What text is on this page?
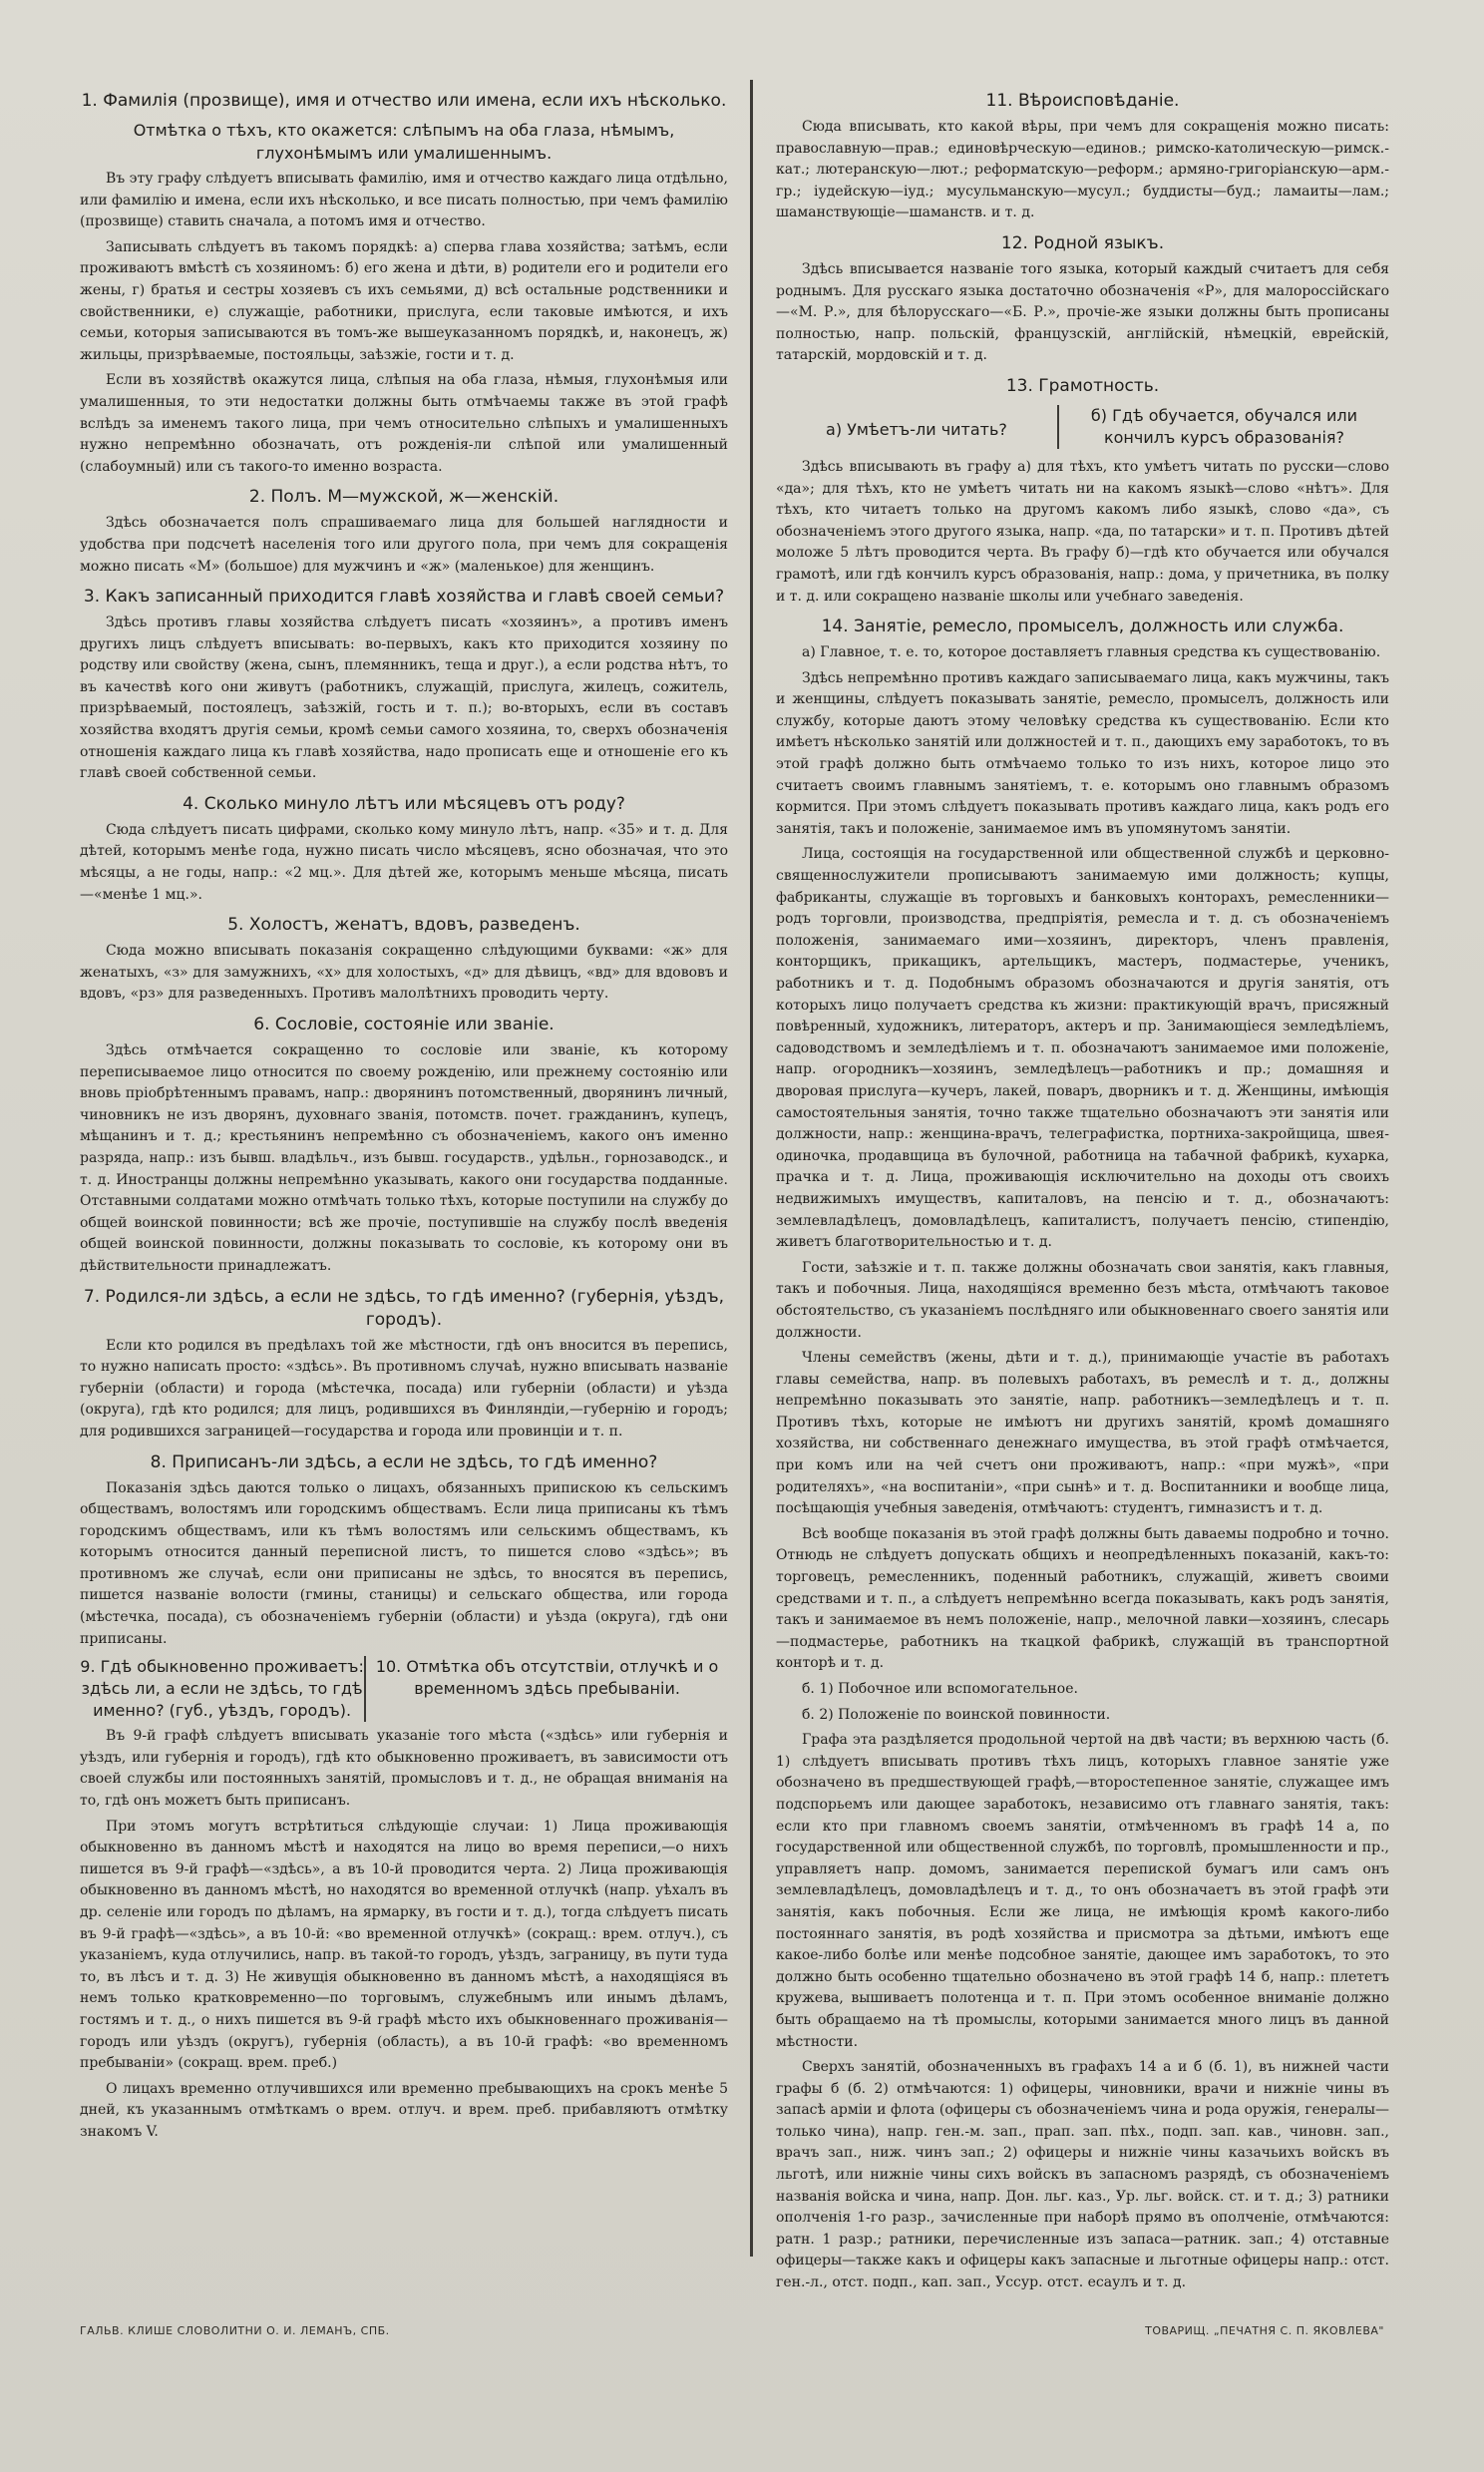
1. Фамилія (прозвище), имя и отчество или имена, если ихъ нѣсколько.
Отмѣтка о тѣхъ, кто окажется: слѣпымъ на оба глаза, нѣмымъ, глухонѣмымъ или умалишеннымъ.

Въ эту графу слѣдуетъ вписывать фамилію, имя и отчество каждаго лица отдѣльно, или фамилію и имена, если ихъ нѣсколько, и все писать полностью, при чемъ фамилію (прозвище) ставить сначала, а потомъ имя и отчество.

Записывать слѣдуетъ въ такомъ порядкѣ: а) сперва глава хозяйства; затѣмъ, если проживаютъ вмѣстѣ съ хозяиномъ: б) его жена и дѣти, в) родители его и родители его жены, г) братья и сестры хозяевъ съ ихъ семьями, д) всѣ остальные родственники и свойственники, е) служащіе, работники, прислуга, если таковые имѣются, и ихъ семьи, которыя записываются въ томъ-же вышеуказанномъ порядкѣ, и, наконецъ, ж) жильцы, призрѣваемые, постояльцы, заѣзжіе, гости и т. д.

Если въ хозяйствѣ окажутся лица, слѣпыя на оба глаза, нѣмыя, глухонѣмыя или умалишенныя, то эти недостатки должны быть отмѣчаемы также въ этой графѣ вслѣдъ за именемъ такого лица, при чемъ относительно слѣпыхъ и умалишенныхъ нужно непремѣнно обозначать, отъ рожденія-ли слѣпой или умалишенный (слабоумный) или съ такого-то именно возраста.

2. Полъ. М—мужской, ж—женскій.

Здѣсь обозначается полъ спрашиваемаго лица для большей наглядности и удобства при подсчетѣ населенія того или другого пола, при чемъ для сокращенія можно писать «М» (большое) для мужчинъ и «ж» (маленькое) для женщинъ.

3. Какъ записанный приходится главѣ хозяйства и главѣ своей семьи?

Здѣсь противъ главы хозяйства слѣдуетъ писать «хозяинъ», а противъ именъ другихъ лицъ слѣдуетъ вписывать: во-первыхъ, какъ кто приходится хозяину по родству или свойству (жена, сынъ, племянникъ, теща и друг.), а если родства нѣтъ, то въ качествѣ кого они живутъ (работникъ, служащій, прислуга, жилецъ, сожитель, призрѣваемый, постоялецъ, заѣзжій, гость и т. п.); во-вторыхъ, если въ составъ хозяйства входятъ другія семьи, кромѣ семьи самого хозяина, то, сверхъ обозначенія отношенія каждаго лица къ главѣ хозяйства, надо прописать еще и отношеніе его къ главѣ своей собственной семьи.

4. Сколько минуло лѣтъ или мѣсяцевъ отъ роду?

Сюда слѣдуетъ писать цифрами, сколько кому минуло лѣтъ, напр. «35» и т. д. Для дѣтей, которымъ менѣе года, нужно писать число мѣсяцевъ, ясно обозначая, что это мѣсяцы, а не годы, напр.: «2 мц.». Для дѣтей же, которымъ меньше мѣсяца, писать—«менѣе 1 мц.».

5. Холостъ, женатъ, вдовъ, разведенъ.

Сюда можно вписывать показанія сокращенно слѣдующими буквами: «ж» для женатыхъ, «з» для замужнихъ, «х» для холостыхъ, «д» для дѣвицъ, «вд» для вдововъ и вдовъ, «рз» для разведенныхъ. Противъ малолѣтнихъ проводить черту.

6. Сословіе, состояніе или званіе.

Здѣсь отмѣчается сокращенно то сословіе или званіе, къ которому переписываемое лицо относится по своему рожденію, или прежнему состоянію или вновь пріобрѣтеннымъ правамъ, напр.: дворянинъ потомственный, дворянинъ личный, чиновникъ не изъ дворянъ, духовнаго званія, потомств. почет. гражданинъ, купецъ, мѣщанинъ и т. д.; крестьянинъ непремѣнно съ обозначеніемъ, какого онъ именно разряда, напр.: изъ бывш. владѣльч., изъ бывш. государств., удѣльн., горнозаводск., и т. д. Иностранцы должны непремѣнно указывать, какого они государства подданные. Отставными солдатами можно отмѣчать только тѣхъ, которые поступили на службу до общей воинской повинности; всѣ же прочіе, поступившіе на службу послѣ введенія общей воинской повинности, должны показывать то сословіе, къ которому они въ дѣйствительности принадлежатъ.

7. Родился-ли здѣсь, а если не здѣсь, то гдѣ именно? (губернія, уѣздъ, городъ).

Если кто родился въ предѣлахъ той же мѣстности, гдѣ онъ вносится въ перепись, то нужно написать просто: «здѣсь». Въ противномъ случаѣ, нужно вписывать названіе губерніи (области) и города (мѣстечка, посада) или губерніи (области) и уѣзда (округа), гдѣ кто родился; для лицъ, родившихся въ Финляндіи,—губернію и городъ; для родившихся заграницей—государства и города или провинціи и т. п.

8. Приписанъ-ли здѣсь, а если не здѣсь, то гдѣ именно?

Показанія здѣсь даются только о лицахъ, обязанныхъ припискою къ сельскимъ обществамъ, волостямъ или городскимъ обществамъ. Если лица приписаны къ тѣмъ городскимъ обществамъ, или къ тѣмъ волостямъ или сельскимъ обществамъ, къ которымъ относится данный переписной листъ, то пишется слово «здѣсь»; въ противномъ же случаѣ, если они приписаны не здѣсь, то вносятся въ перепись, пишется названіе волости (гмины, станицы) и сельскаго общества, или города (мѣстечка, посада), съ обозначеніемъ губерніи (области) и уѣзда (округа), гдѣ они приписаны.

9. Гдѣ обыкновенно проживаетъ: здѣсь ли, а если не здѣсь, то гдѣ именно? (губ., уѣздъ, городъ).
10. Отмѣтка объ отсутствіи, отлучкѣ и о временномъ здѣсь пребываніи.

Въ 9-й графѣ слѣдуетъ вписывать указаніе того мѣста («здѣсь» или губернія и уѣздъ, или губернія и городъ), гдѣ кто обыкновенно проживаетъ, въ зависимости отъ своей службы или постоянныхъ занятій, промысловъ и т. д., не обращая вниманія на то, гдѣ онъ можетъ быть приписанъ.

При этомъ могутъ встрѣтиться слѣдующіе случаи: 1) Лица проживающія обыкновенно въ данномъ мѣстѣ и находятся на лицо во время переписи,—о нихъ пишется въ 9-й графѣ—«здѣсь», а въ 10-й проводится черта. 2) Лица проживающія обыкновенно въ данномъ мѣстѣ, но находятся во временной отлучкѣ (напр. уѣхалъ въ др. селеніе или городъ по дѣламъ, на ярмарку, въ гости и т. д.), тогда слѣдуетъ писать въ 9-й графѣ—«здѣсь», а въ 10-й: «во временной отлучкѣ» (сокращ.: врем. отлуч.), съ указаніемъ, куда отлучились, напр. въ такой-то городъ, уѣздъ, заграницу, въ пути тудa то, въ лѣсъ и т. д. 3) Не живущія обыкновенно въ данномъ мѣстѣ, а находящіяся въ немъ только кратковременно—по торговымъ, служебнымъ или инымъ дѣламъ, гостямъ и т. д., о нихъ пишется въ 9-й графѣ мѣсто ихъ обыкновеннаго проживанія—городъ или уѣздъ (округъ), губернія (область), а въ 10-й графѣ: «во временномъ пребываніи» (сокращ. врем. преб.)

О лицахъ временно отлучившихся или временно пребывающихъ на срокъ менѣе 5 дней, къ указаннымъ отмѣткамъ о врем. отлуч. и врем. преб. прибавляютъ отмѣтку знакомъ V.

11. Вѣроисповѣданіе.

Сюда вписывать, кто какой вѣры, при чемъ для сокращенія можно писать: православную—прав.; единовѣрческую—единов.; римско-католическую—римск.-кат.; лютеранскую—лют.; реформатскую—реформ.; армяно-григоріанскую—арм.-гр.; іудейскую—іуд.; мусульманскую—мусул.; буддисты—буд.; ламаиты—лам.; шаманствующіе—шаманств. и т. д.

12. Родной языкъ.

Здѣсь вписывается названіе того языка, который каждый считаетъ для себя роднымъ. Для русскаго языка достаточно обозначенія «Р», для малороссійскаго—«М. Р.», для бѣлорусскаго—«Б. Р.», прочіе-же языки должны быть прописаны полностью, напр. польскій, французскій, англійскій, нѣмецкій, еврейскій, татарскій, мордовскій и т. д.

13. Грамотность.
а) Умѣетъ-ли читать?
б) Гдѣ обучается, обучался или кончилъ курсъ образованія?

Здѣсь вписывають въ графу а) для тѣхъ, кто умѣетъ читать по русски—слово «да»; для тѣхъ, кто не умѣетъ читать ни на какомъ языкѣ—слово «нѣтъ». Для тѣхъ, кто читаетъ только на другомъ какомъ либо языкѣ, слово «да», съ обозначеніемъ этого другого языка, напр. «да, по татарски» и т. п. Противъ дѣтей моложе 5 лѣтъ проводится черта. Въ графу б)—гдѣ кто обучается или обучался грамотѣ, или гдѣ кончилъ курсъ образованія, напр.: дома, у причетника, въ полку и т. д. или сокращено названіе школы или учебнаго заведенія.

14. Занятіе, ремесло, промыселъ, должность или служба.

а) Главное, т. е. то, которое доставляетъ главныя средства къ существованію.

Здѣсь непремѣнно противъ каждаго записываемаго лица, какъ мужчины, такъ и женщины, слѣдуетъ показывать занятіе, ремесло, промыселъ, должность или службу, которые даютъ этому человѣку средства къ существованію. Если кто имѣетъ нѣсколько занятій или должностей и т. п., дающихъ ему заработокъ, то въ этой графѣ должно быть отмѣчаемо только то изъ нихъ, которое лицо это считаетъ своимъ главнымъ занятіемъ, т. е. которымъ оно главнымъ образомъ кормится. При этомъ слѣдуетъ показывать противъ каждаго лица, какъ родъ его занятія, такъ и положеніе, занимаемое имъ въ упомянутомъ занятіи.

Лица, состоящія на государственной или общественной службѣ и церковно-священнослужители прописываютъ занимаемую ими должность; купцы, фабриканты, служащіе въ торговыхъ и банковыхъ конторахъ, ремесленники—родъ торговли, производства, предпріятія, ремесла и т. д. съ обозначеніемъ положенія, занимаемаго ими—хозяинъ, директоръ, членъ правленія, конторщикъ, прикащикъ, артельщикъ, мастеръ, подмастерье, ученикъ, работникъ и т. д. Подобнымъ образомъ обозначаются и другія занятія, отъ которыхъ лицо получаетъ средства къ жизни: практикующій врачъ, присяжный повѣренный, художникъ, литераторъ, актеръ и пр. Занимающіеся земледѣліемъ, садоводствомъ и земледѣліемъ и т. п. обозначаютъ занимаемое ими положеніе, напр. огородникъ—хозяинъ, земледѣлецъ—работникъ и пр.; домашняя и дворовая прислуга—кучеръ, лакей, поваръ, дворникъ и т. д. Женщины, имѣющія самостоятельныя занятія, точно также тщательно обозначаютъ эти занятія или должности, напр.: женщина-врачъ, телеграфистка, портниха-закройщица, швея-одиночка, продавщица въ булочной, работница на табачной фабрикѣ, кухарка, прачка и т. д. Лица, проживающія исключительно на доходы отъ своихъ недвижимыхъ имуществъ, капиталовъ, на пенсію и т. д., обозначаютъ: землевладѣлецъ, домовладѣлецъ, капиталистъ, получаетъ пенсію, стипендію, живетъ благотворительностью и т. д.

Гости, заѣзжіе и т. п. также должны обозначать свои занятія, какъ главныя, такъ и побочныя. Лица, находящіяся временно безъ мѣста, отмѣчаютъ таковое обстоятельство, съ указаніемъ послѣдняго или обыкновеннаго своего занятія или должности.

Члены семействъ (жены, дѣти и т. д.), принимающіе участіе въ работахъ главы семейства, напр. въ полевыхъ работахъ, въ ремеслѣ и т. д., должны непремѣнно показывать это занятіе, напр. работникъ—земледѣлецъ и т. п. Противъ тѣхъ, которые не имѣютъ ни другихъ занятій, кромѣ домашняго хозяйства, ни собственнаго денежнаго имущества, въ этой графѣ отмѣчается, при комъ или на чей счетъ они проживаютъ, напр.: «при мужѣ», «при родителяхъ», «на воспитаніи», «при сынѣ» и т. д. Воспитанники и вообще лица, посѣщающія учебныя заведенія, отмѣчаютъ: студентъ, гимназистъ и т. д.

Всѣ вообще показанія въ этой графѣ должны быть даваемы подробно и точно. Отнюдь не слѣдуетъ допускать общихъ и неопредѣленныхъ показаній, какъ-то: торговецъ, ремесленникъ, поденный работникъ, служащій, живетъ своими средствами и т. п., а слѣдуетъ непремѣнно всегда показывать, какъ родъ занятія, такъ и занимаемое въ немъ положеніе, напр., мелочной лавки—хозяинъ, слесарь—подмастерье, работникъ на ткацкой фабрикѣ, служащій въ транспортной конторѣ и т. д.

б. 1) Побочное или вспомогательное.

б. 2) Положеніе по воинской повинности.

Графа эта раздѣляется продольной чертой на двѣ части; въ верхнюю часть (б. 1) слѣдуетъ вписывать противъ тѣхъ лицъ, которыхъ главное занятіе уже обозначено въ предшествующей графѣ,—второстепенное занятіе, служащее имъ подспорьемъ или дающее заработокъ, независимо отъ главнаго занятія, такъ: если кто при главномъ своемъ занятіи, отмѣченномъ въ графѣ 14 а, по государственной или общественной службѣ, по торговлѣ, промышленности и пр., управляетъ напр. домомъ, занимается перепиской бумагъ или самъ онъ землевладѣлецъ, домовладѣлецъ и т. д., то онъ обозначаетъ въ этой графѣ эти занятія, какъ побочныя. Если же лица, не имѣющія кромѣ какого-либо постояннаго занятія, въ родѣ хозяйства и присмотра за дѣтьми, имѣютъ еще какое-либо болѣе или менѣе подсобное занятіе, дающее имъ заработокъ, то это должно быть особенно тщательно обозначено въ этой графѣ 14 б, напр.: плететъ кружева, вышиваетъ полотенца и т. п. При этомъ особенное вниманіе должно быть обращаемо на тѣ промыслы, которыми занимается много лицъ въ данной мѣстности.

Сверхъ занятій, обозначенныхъ въ графахъ 14 а и б (б. 1), въ нижней части графы б (б. 2) отмѣчаются: 1) офицеры, чиновники, врачи и нижніе чины въ запасѣ арміи и флота (офицеры съ обозначеніемъ чина и рода оружія, генералы—только чина), напр. ген.-м. зап., прап. зап. пѣх., подп. зап. кав., чиновн. зап., врачъ зап., ниж. чинъ зап.; 2) офицеры и нижніе чины казачьихъ войскъ въ льготѣ, или нижніе чины сихъ войскъ въ запасномъ разрядѣ, съ обозначеніемъ названія войска и чина, напр. Дон. льг. каз., Ур. льг. войск. ст. и т. д.; 3) ратники ополченія 1-го разр., зачисленные при наборѣ прямо въ ополченіе, отмѣчаются: ратн. 1 разр.; ратники, перечисленные изъ запаса—ратник. зап.; 4) отставные офицеры—также какъ и офицеры какъ запасные и льготные офицеры напр.: отст. ген.-л., отст. подп., кап. зап., Уссур. отст. есаулъ и т. д.

ГАЛЬВ. КЛИШЕ СЛОВОЛИТНИ О. И. ЛЕМАНЪ, СПБ.	ТОВАРИЩ. „ПЕЧАТНЯ С. П. ЯКОВЛЕВА"
